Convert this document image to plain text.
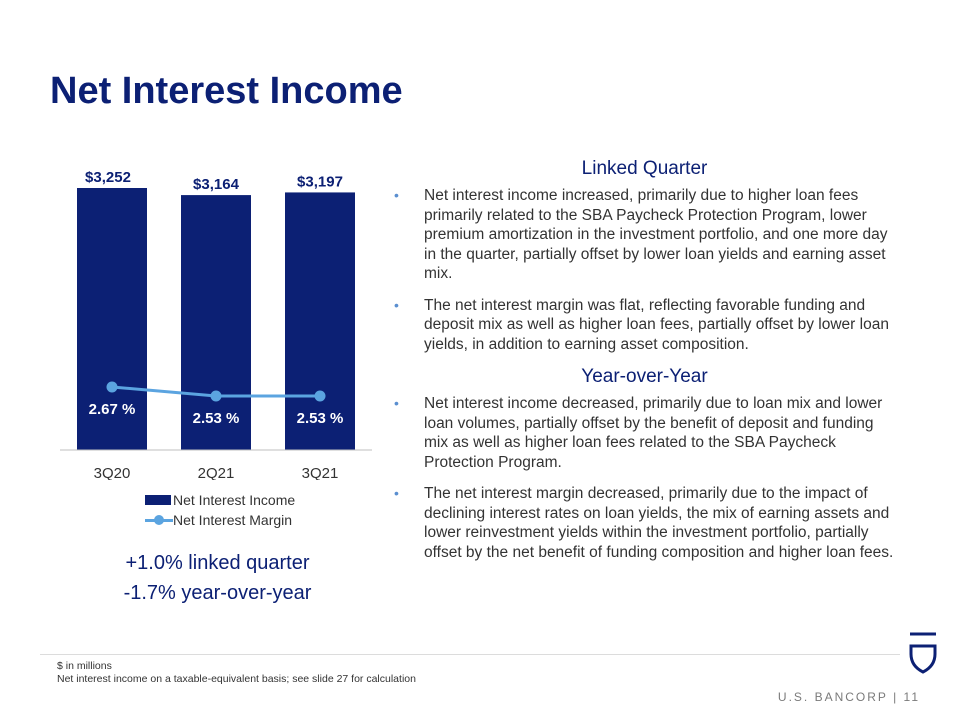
Net Interest Income
$3,252
3Q20
2.67 %
$3,164
2Q21
2.53 %
$3,197
3Q21
2.53 %
Net Interest Income
Net Interest Margin
+1.0% linked quarter
-1.7% year-over-year
Linked Quarter
• Net interest income increased, primarily due to higher loan fees primarily related to the SBA Paycheck Protection Program, lower premium amortization in the investment portfolio, and one more day in the quarter, partially offset by lower loan yields and earning asset mix.
• The net interest margin was flat, reflecting favorable funding and deposit mix as well as higher loan fees, partially offset by lower loan yields, in addition to earning asset composition.
Year-over-Year
• Net interest income decreased, primarily due to loan mix and lower loan volumes, partially offset by the benefit of deposit and funding mix as well as higher loan fees related to the SBA Paycheck Protection Program.
• The net interest margin decreased, primarily due to the impact of declining interest rates on loan yields, the mix of earning assets and lower reinvestment yields within the investment portfolio, partially offset by the net benefit of funding composition and higher loan fees.
$ in millions
Net interest income on a taxable-equivalent basis; see slide 27 for calculation
U.S. BANCORP | 11
